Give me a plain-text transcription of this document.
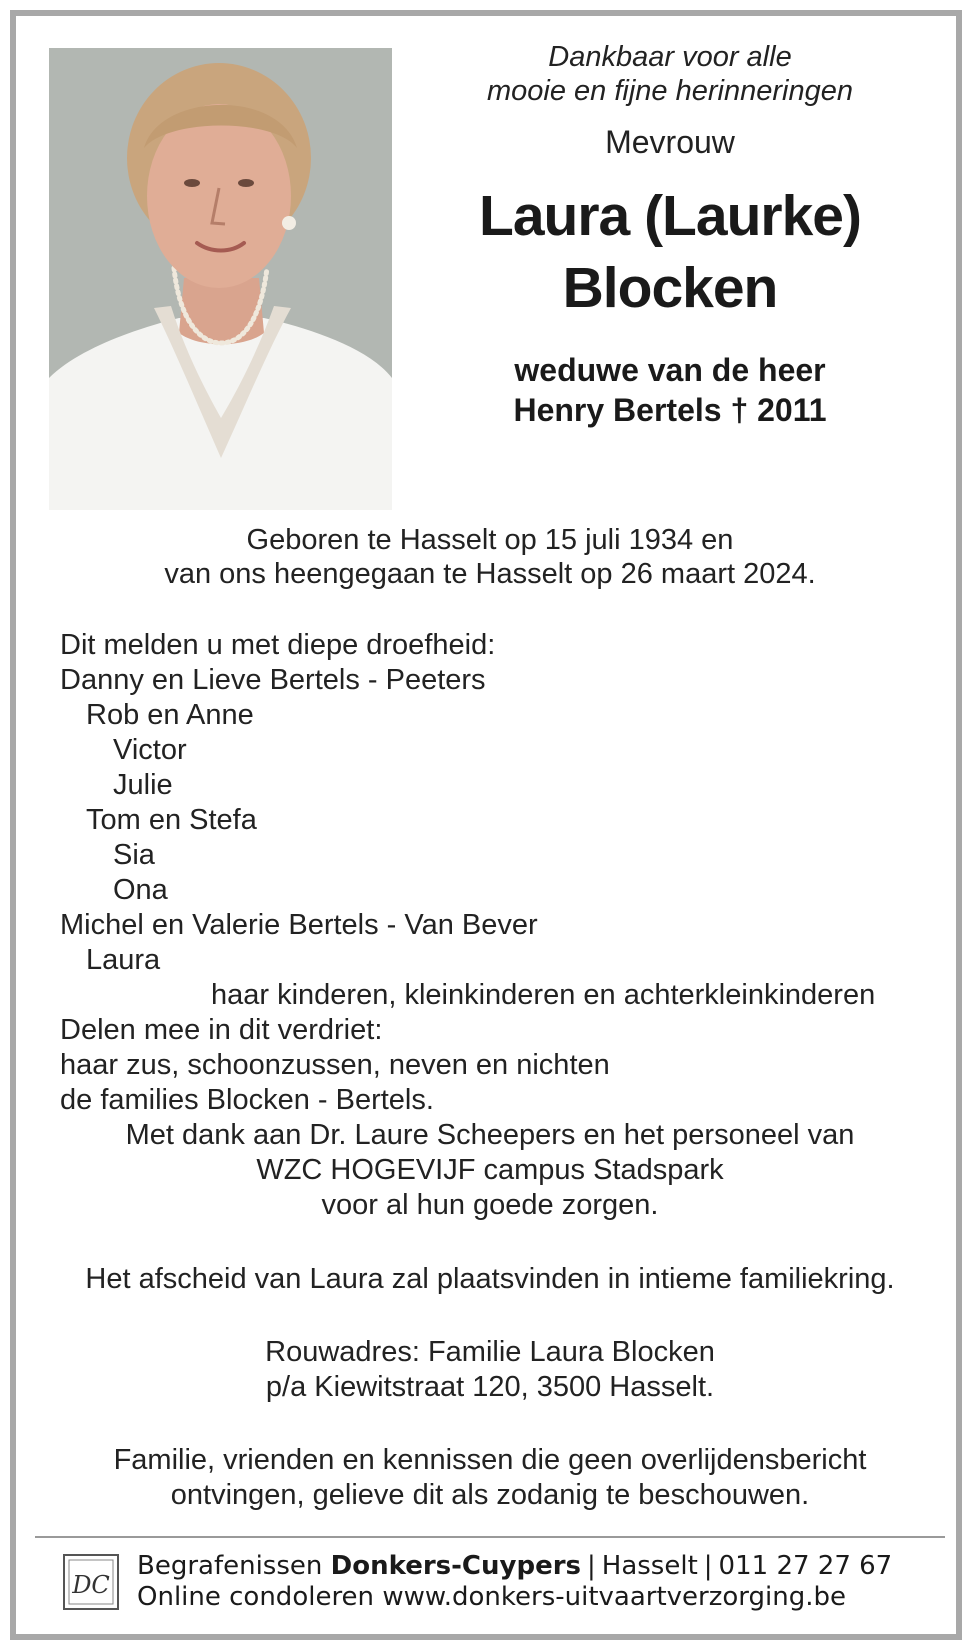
Dankbaar voor alle

mooie en fijne herinneringen

Mevrouw
Laura (Laurke)
Blocken
weduwe van de heer
Henry Bertels † 2011
Geboren te Hasselt op 15 juli 1934 en
van ons heengegaan te Hasselt op 26 maart 2024.
Dit melden u met diepe droefheid:
Danny en Lieve Bertels - Peeters
Rob en Anne
Victor
Julie
Tom en Stefa
Sia
Ona
Michel en Valerie Bertels - Van Bever
Laura
haar kinderen, kleinkinderen en achterkleinkinderen
Delen mee in dit verdriet:
haar zus, schoonzussen, neven en nichten
de families Blocken - Bertels.
Met dank aan Dr. Laure Scheepers en het personeel van
WZC HOGEVIJF campus Stadspark
voor al hun goede zorgen.
Het afscheid van Laura zal plaatsvinden in intieme familiekring.
Rouwadres: Familie Laura Blocken
p/a Kiewitstraat 120, 3500 Hasselt.
Familie, vrienden en kennissen die geen overlijdensbericht
ontvingen, gelieve dit als zodanig te beschouwen.
DC
Begrafenissen Donkers-Cuypers | Hasselt | 011 27 27 67
Online condoleren www.donkers-uitvaartverzorging.be
